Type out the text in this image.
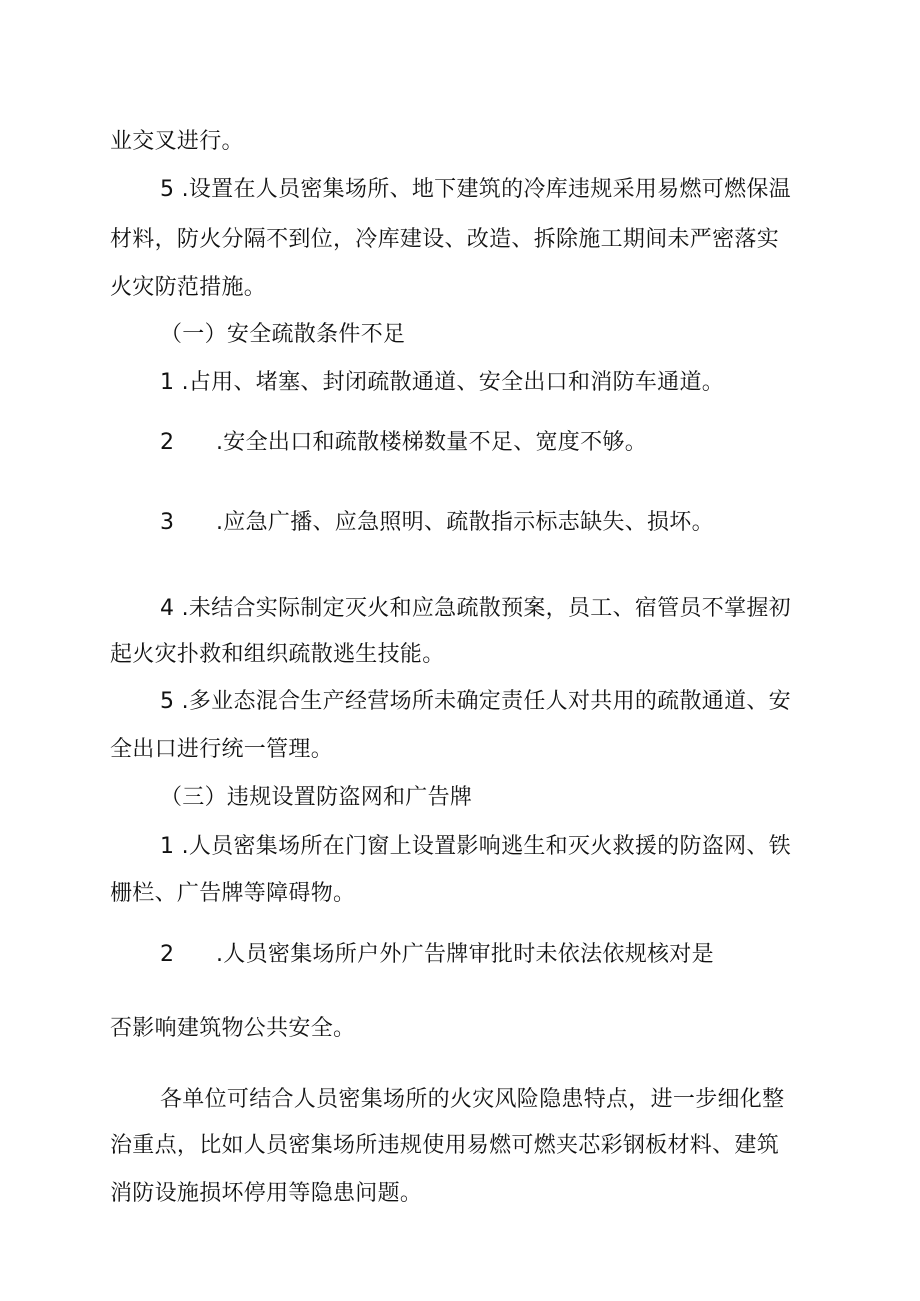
业交叉进行。
5 .设置在人员密集场所、地下建筑的冷库违规采用易燃可燃保温
材料，防火分隔不到位，冷库建设、改造、拆除施工期间未严密落实
火灾防范措施。
（一）安全疏散条件不足
1 .占用、堵塞、封闭疏散通道、安全出口和消防车通道。
2 .安全出口和疏散楼梯数量不足、宽度不够。
3 .应急广播、应急照明、疏散指示标志缺失、损坏。
4 .未结合实际制定灭火和应急疏散预案，员工、宿管员不掌握初
起火灾扑救和组织疏散逃生技能。
5 .多业态混合生产经营场所未确定责任人对共用的疏散通道、安
全出口进行统一管理。
（三）违规设置防盗网和广告牌
1 .人员密集场所在门窗上设置影响逃生和灭火救援的防盗网、铁
栅栏、广告牌等障碍物。
2 .人员密集场所户外广告牌审批时未依法依规核对是
否影响建筑物公共安全。
各单位可结合人员密集场所的火灾风险隐患特点，进一步细化整
治重点，比如人员密集场所违规使用易燃可燃夹芯彩钢板材料、建筑
消防设施损坏停用等隐患问题。
